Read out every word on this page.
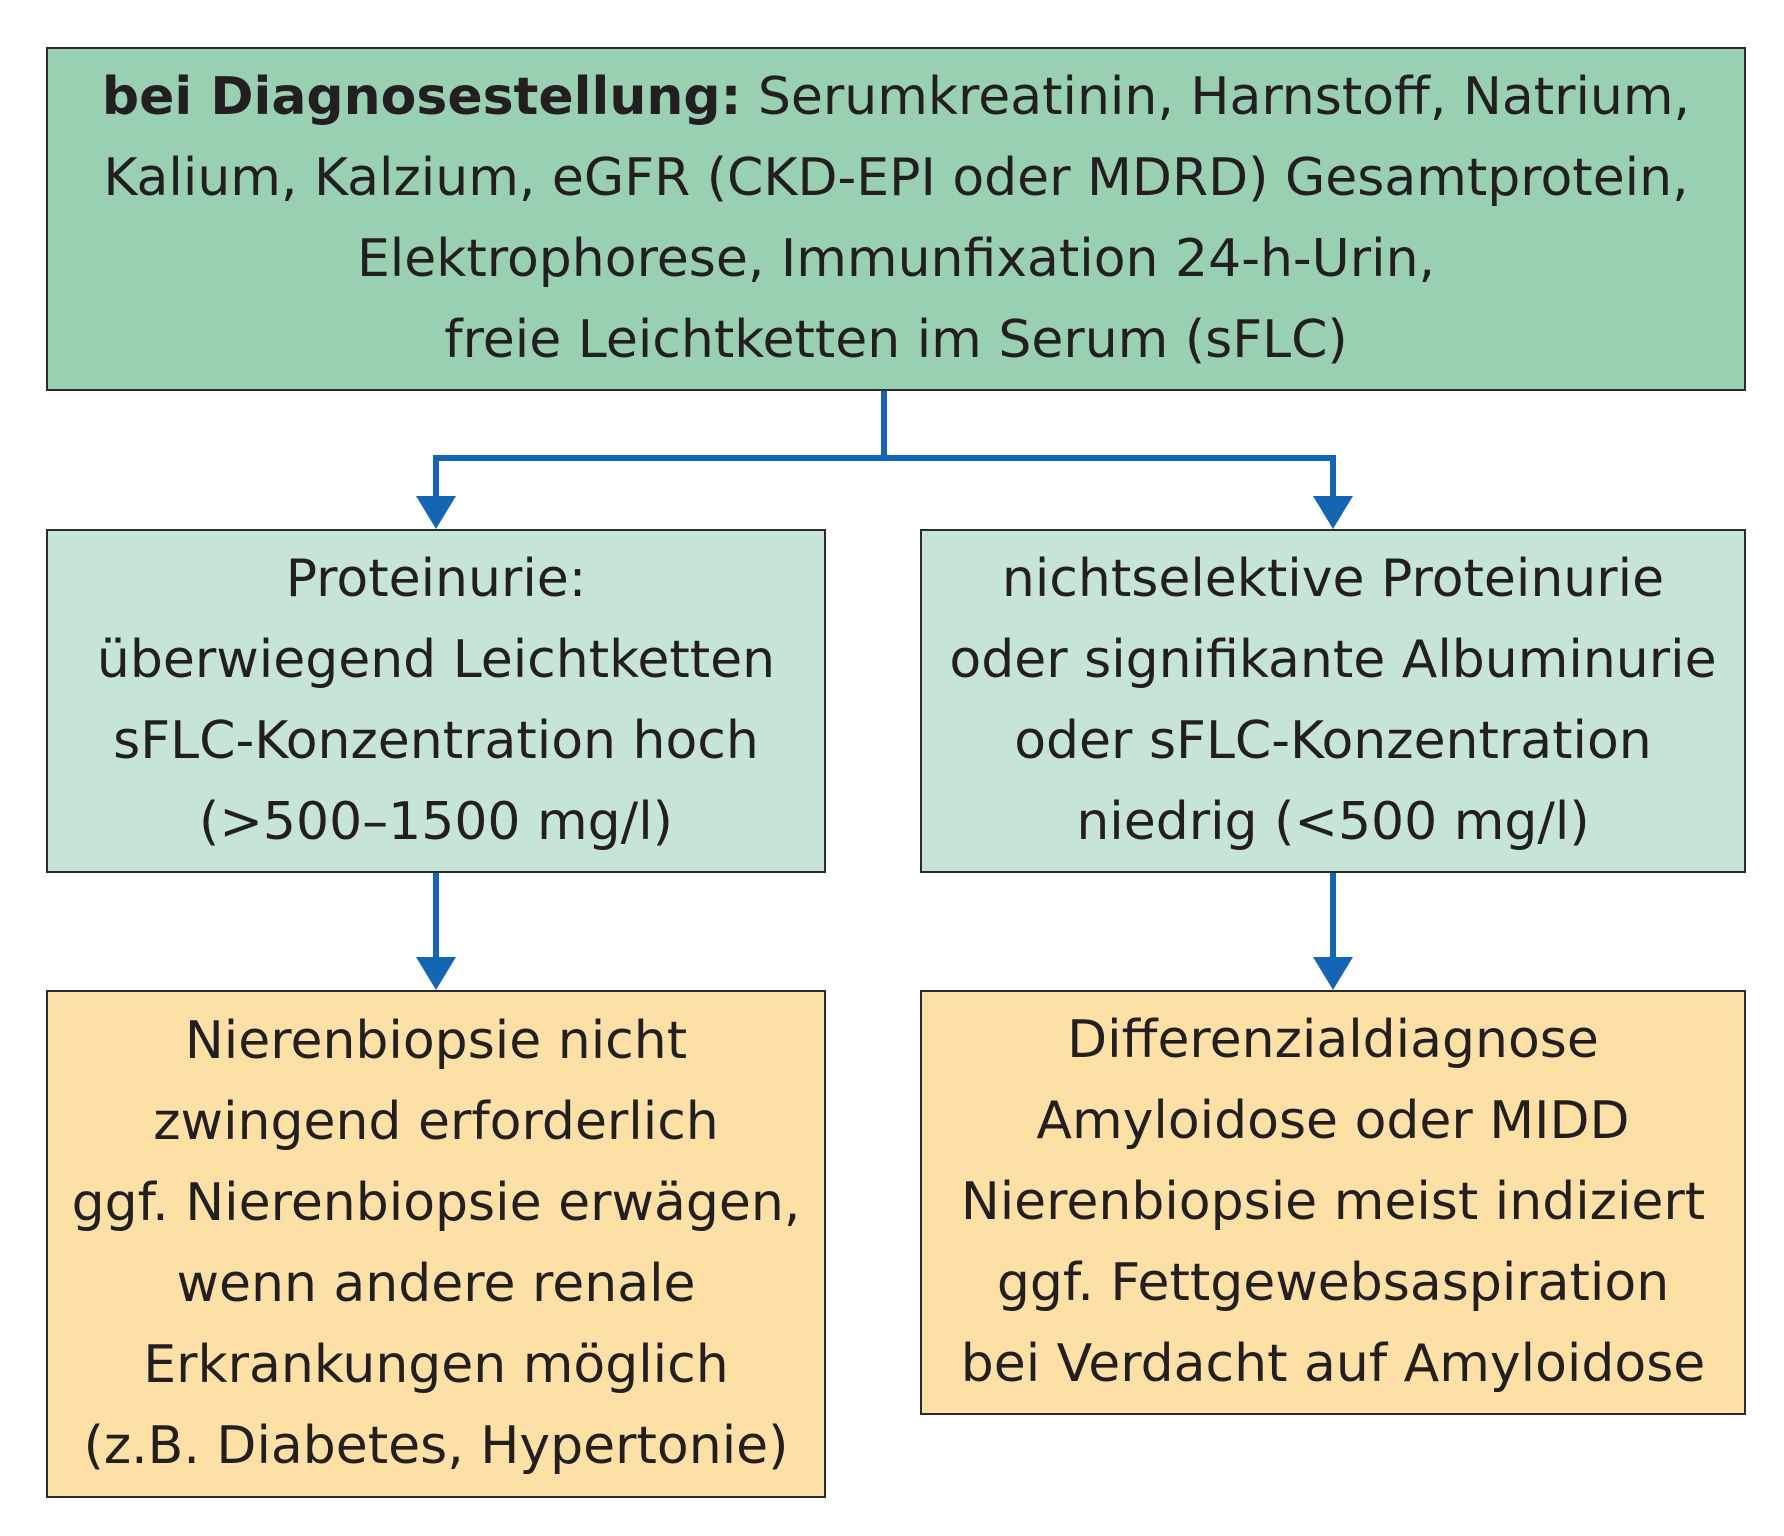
bei Diagnosestellung: Serumkreatinin, Harnstoff, Natrium,
Kalium, Kalzium, eGFR (CKD-EPI oder MDRD) Gesamtprotein,
Elektrophorese, Immunfixation 24-h-Urin,
freie Leichtketten im Serum (sFLC)
Proteinurie:
überwiegend Leichtketten
sFLC-Konzentration hoch
(>500–1500 mg/l)
nichtselektive Proteinurie
oder signifikante Albuminurie
oder sFLC-Konzentration
niedrig (<500 mg/l)
Nierenbiopsie nicht
zwingend erforderlich
ggf. Nierenbiopsie erwägen,
wenn andere renale
Erkrankungen möglich
(z.B. Diabetes, Hypertonie)
Differenzialdiagnose
Amyloidose oder MIDD
Nierenbiopsie meist indiziert
ggf. Fettgewebsaspiration
bei Verdacht auf Amyloidose
